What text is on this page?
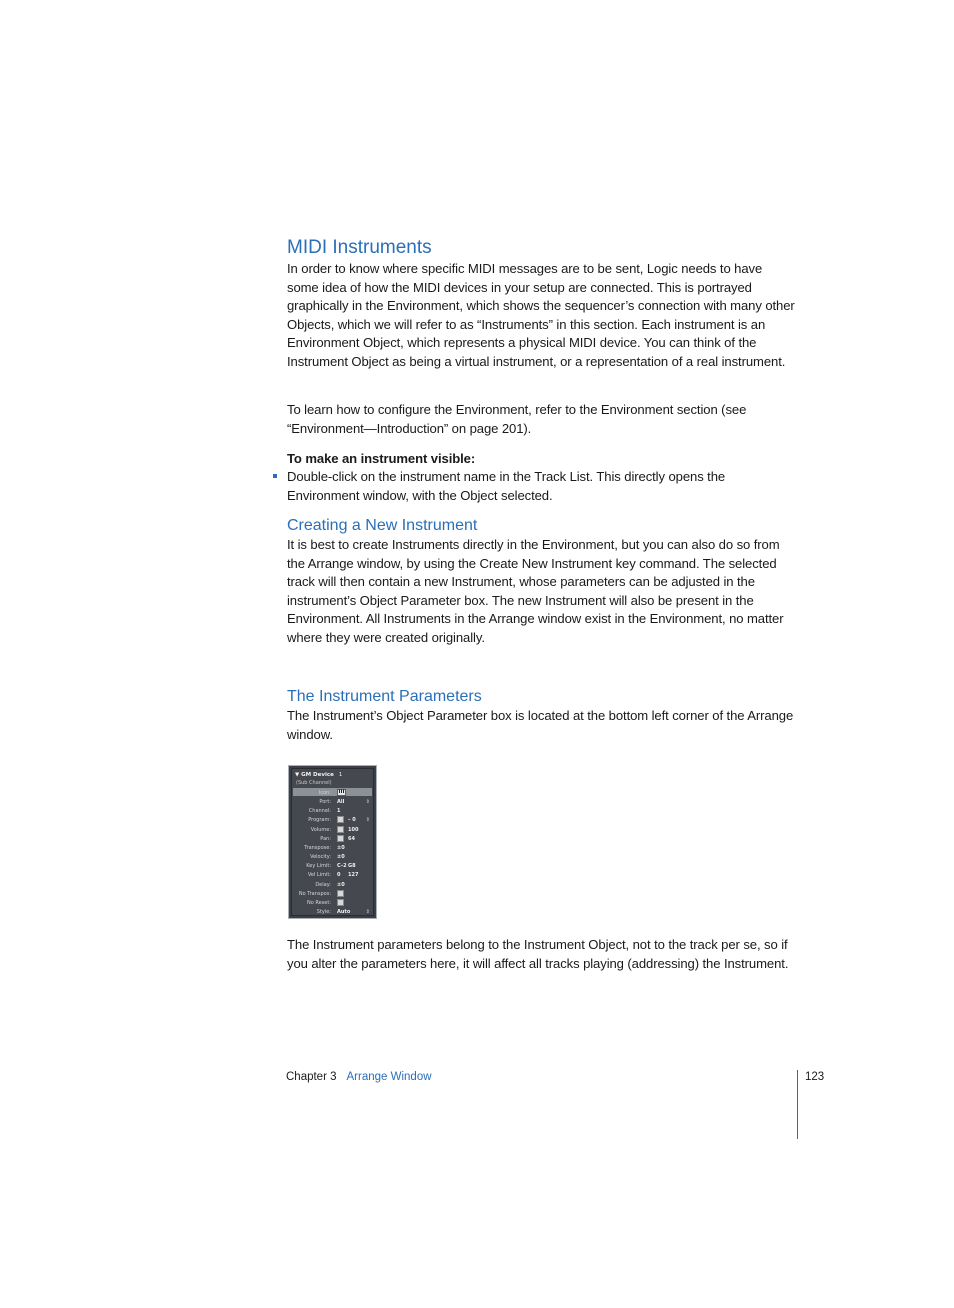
MIDI Instruments

In order to know where specific MIDI messages are to be sent, Logic needs to have some idea of how the MIDI devices in your setup are connected. This is portrayed graphically in the Environment, which shows the sequencer’s connection with many other Objects, which we will refer to as “Instruments” in this section. Each instrument is an Environment Object, which represents a physical MIDI device. You can think of the Instrument Object as being a virtual instrument, or a representation of a real instrument.

To learn how to configure the Environment, refer to the Environment section (see “Environment—Introduction” on page 201).

To make an instrument visible:

Double-click on the instrument name in the Track List. This directly opens the Environment window, with the Object selected.

Creating a New Instrument

It is best to create Instruments directly in the Environment, but you can also do so from the Arrange window, by using the Create New Instrument key command. The selected track will then contain a new Instrument, whose parameters can be adjusted in the instrument’s Object Parameter box. The new Instrument will also be present in the Environment. All Instruments in the Arrange window exist in the Environment, no matter where they were created originally.

The Instrument Parameters

The Instrument’s Object Parameter box is located at the bottom left corner of the Arrange window.

▼ GM Device 1
(Sub Channel)
Icon:
Port: All	⇕
Channel: 1
Program:	– 0 ⇕
Volume:	100
Pan:	64
Transpose: ±0
Velocity: ±0
Key Limit: C–2 G8
Vel Limit: 0 127
Delay: ±0
No Transpos:
No Reset:
Style: Auto	⇕

The Instrument parameters belong to the Instrument Object, not to the track per se, so if you alter the parameters here, it will affect all tracks playing (addressing) the Instrument.

Chapter 3 Arrange Window	123
